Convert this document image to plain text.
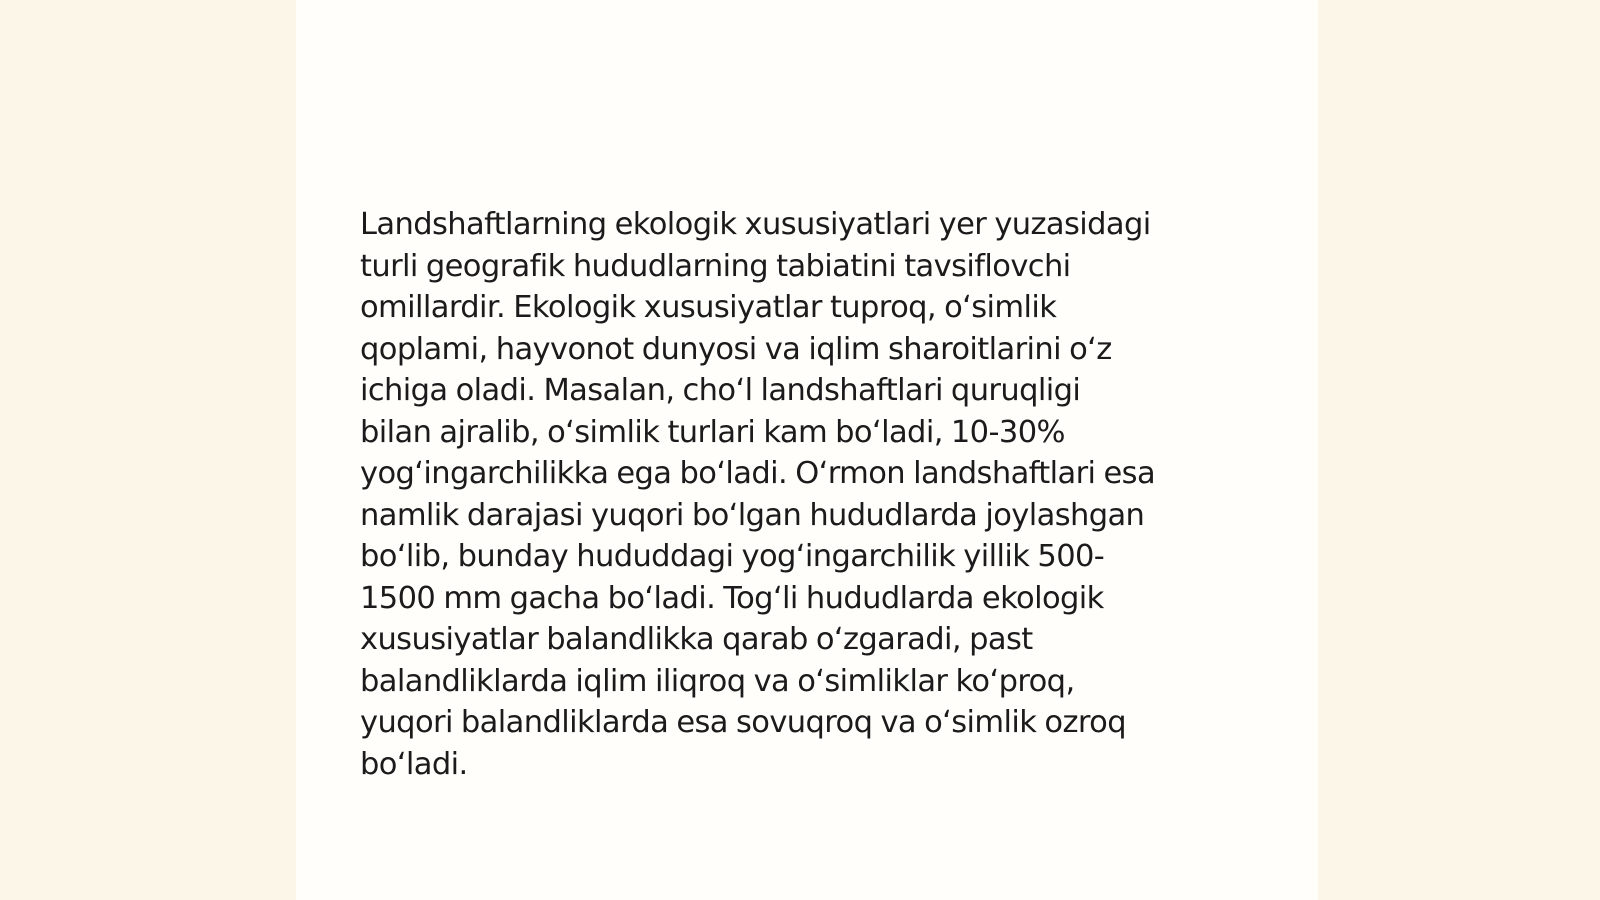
Landshaftlarning ekologik xususiyatlari yer yuzasidagi
turli geografik hududlarning tabiatini tavsiflovchi
omillardir. Ekologik xususiyatlar tuproq, oʻsimlik
qoplami, hayvonot dunyosi va iqlim sharoitlarini oʻz
ichiga oladi. Masalan, choʻl landshaftlari quruqligi
bilan ajralib, oʻsimlik turlari kam boʻladi, 10-30%
yogʻingarchilikka ega boʻladi. Oʻrmon landshaftlari esa
namlik darajasi yuqori boʻlgan hududlarda joylashgan
boʻlib, bunday hududdagi yogʻingarchilik yillik 500-
1500 mm gacha boʻladi. Togʻli hududlarda ekologik
xususiyatlar balandlikka qarab oʻzgaradi, past
balandliklarda iqlim iliqroq va oʻsimliklar koʻproq,
yuqori balandliklarda esa sovuqroq va oʻsimlik ozroq
boʻladi.
